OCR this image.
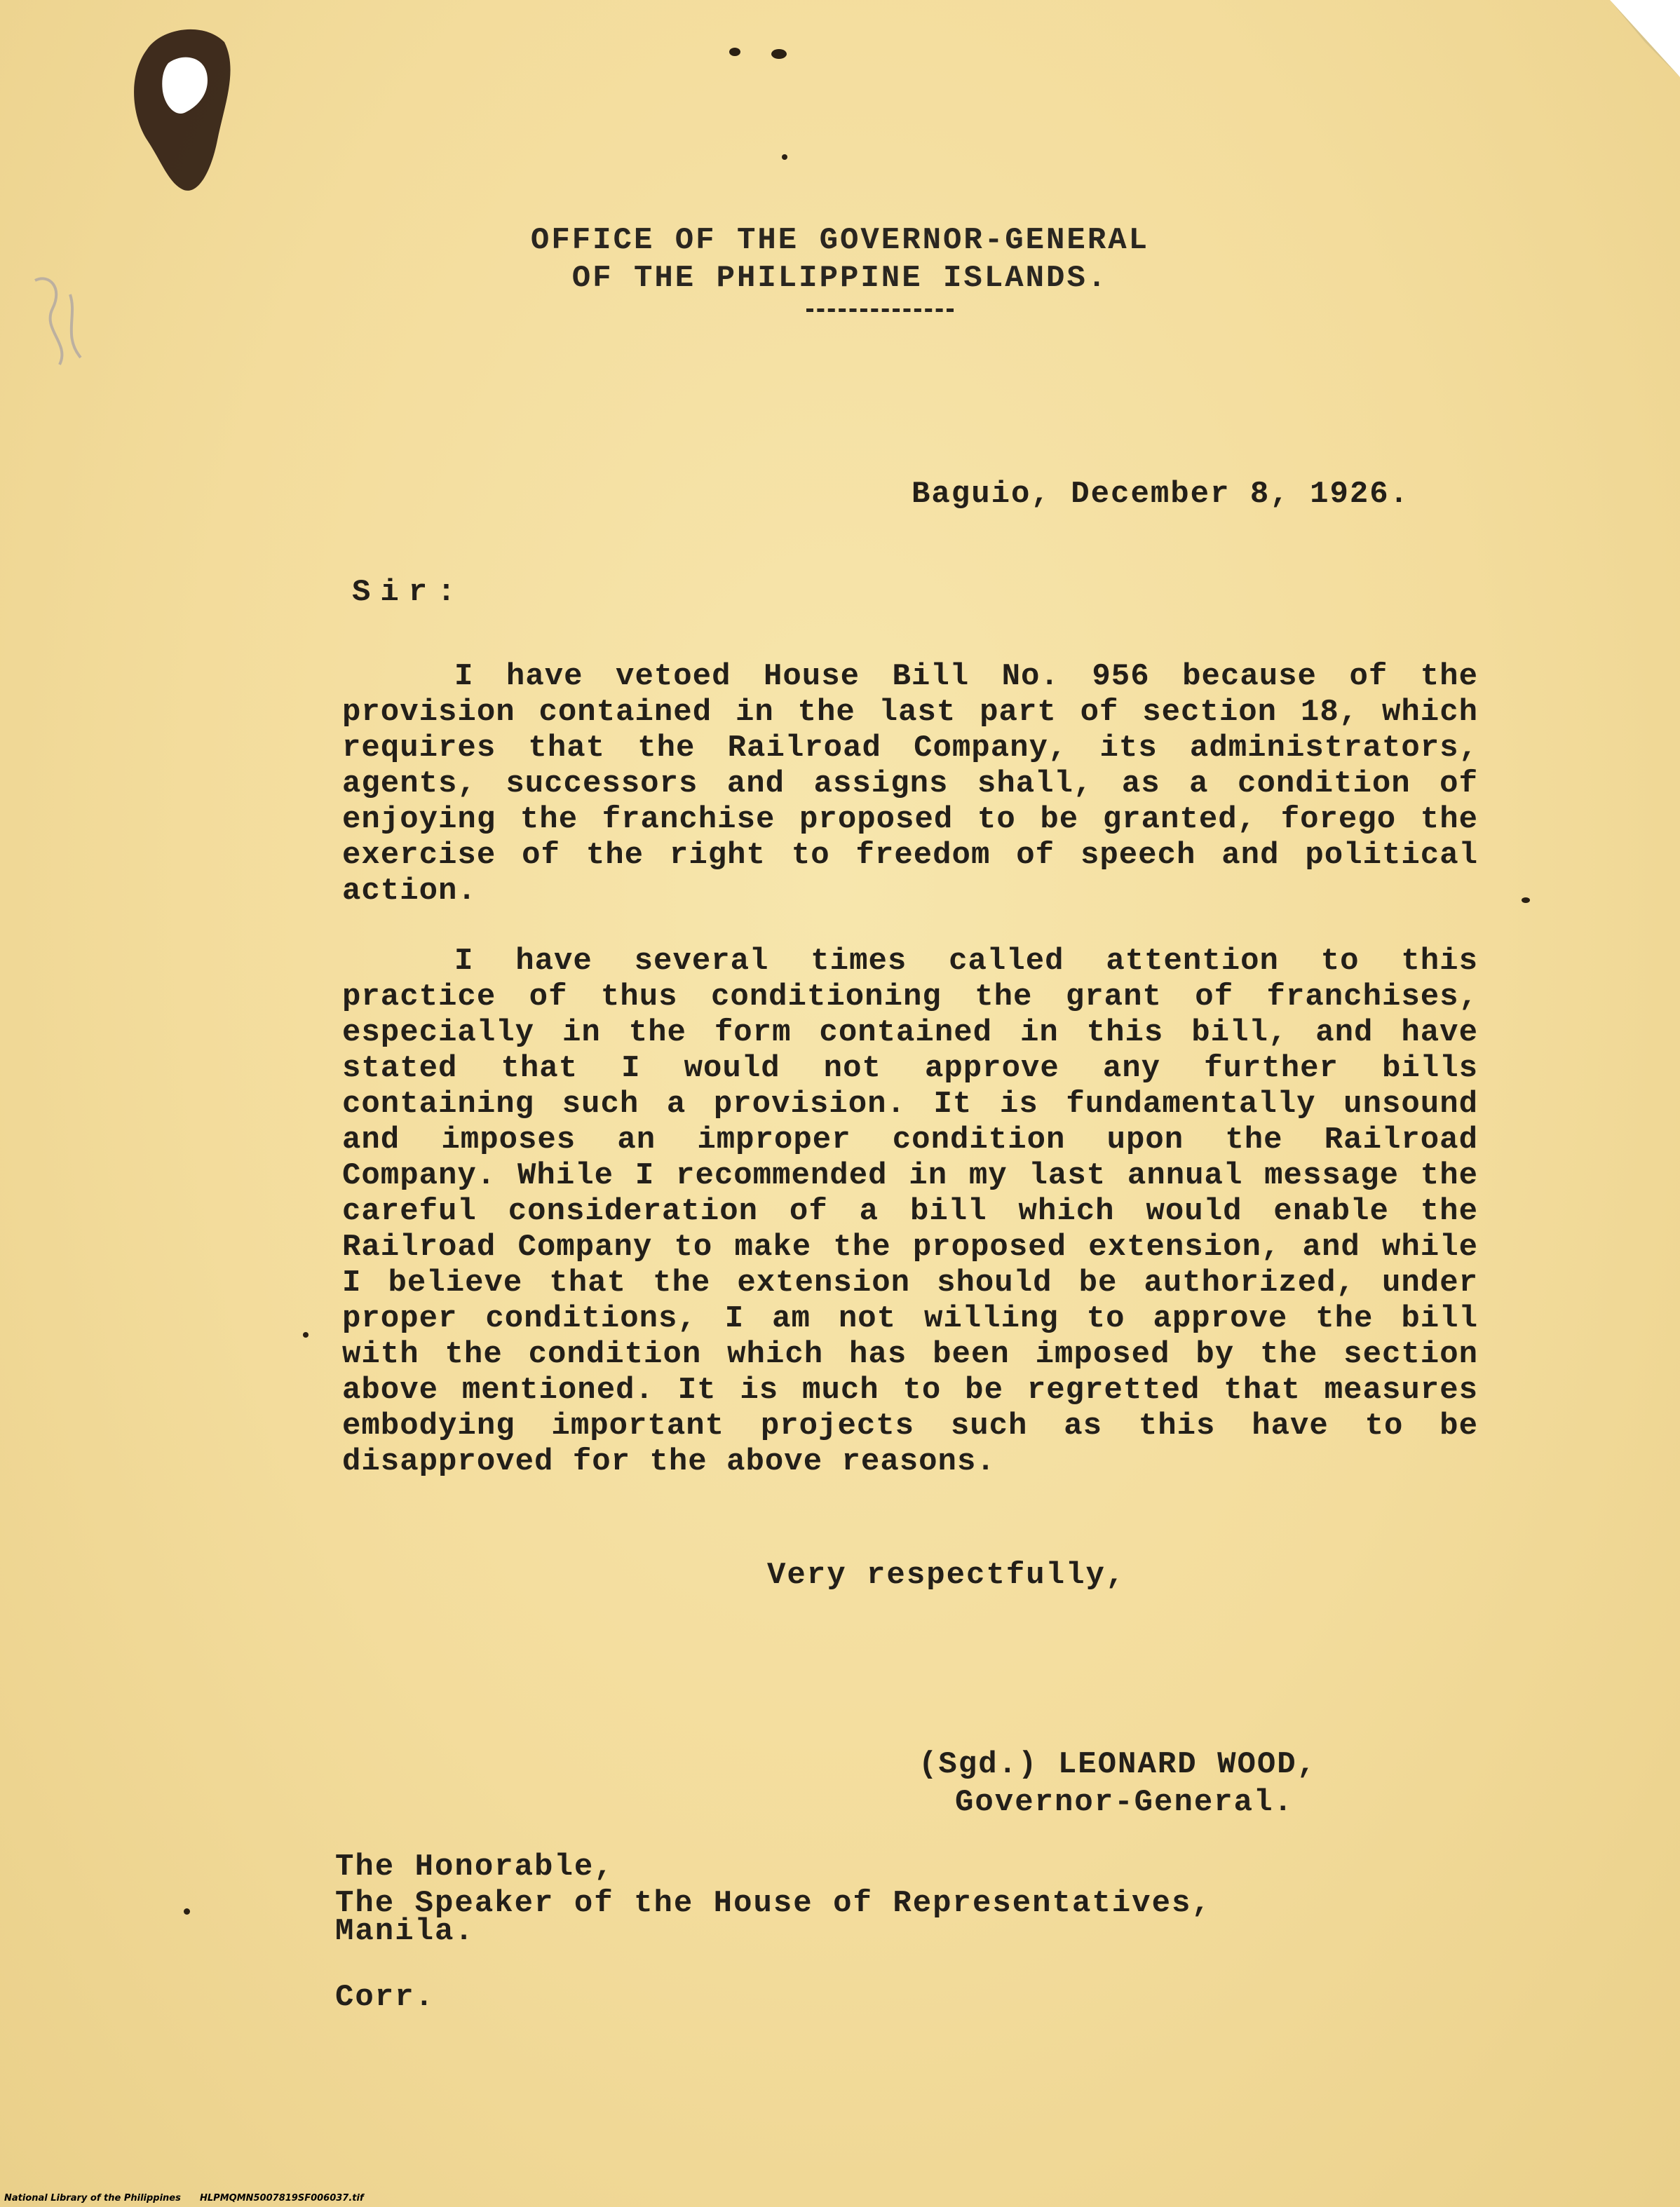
OFFICE OF THE GOVERNOR-GENERAL
OF THE PHILIPPINE ISLANDS.
Baguio, December 8, 1926.
Sir:
I have vetoed House Bill No. 956 because of the provision contained in the last part of section 18, which requires that the Railroad Company, its administrators, agents, successors and assigns shall, as a condition of enjoying the franchise proposed to be granted, forego the exercise of the right to freedom of speech and political action.
I have several times called attention to this practice of thus conditioning the grant of franchises, especially in the form contained in this bill, and have stated that I would not approve any further bills containing such a provision. It is fundamentally unsound and imposes an improper condition upon the Railroad Company. While I recommended in my last annual message the careful consideration of a bill which would enable the Railroad Company to make the proposed extension, and while I believe that the extension should be authorized, under proper conditions, I am not willing to approve the bill with the condition which has been imposed by the section above mentioned. It is much to be regretted that measures embodying important projects such as this have to be disapproved for the above reasons.
Very respectfully,
(Sgd.) LEONARD WOOD,
Governor-General.
The Honorable,
The Speaker of the House of Representatives,
Manila.
Corr.
National Library of the Philippines HLPMQMN5007819SF006037.tif
